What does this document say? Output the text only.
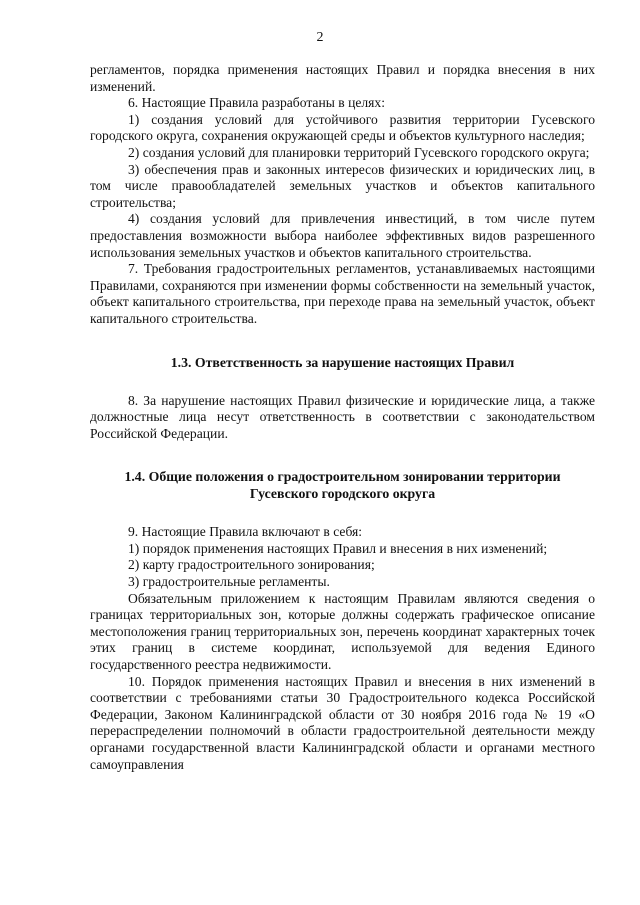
2

регламентов, порядка применения настоящих Правил и порядка внесения в них изменений.

6. Настоящие Правила разработаны в целях:

1) создания условий для устойчивого развития территории Гусевского городского округа, сохранения окружающей среды и объектов культурного наследия;

2) создания условий для планировки территорий Гусевского городского округа;

3) обеспечения прав и законных интересов физических и юридических лиц, в том числе правообладателей земельных участков и объектов капитального строительства;

4) создания условий для привлечения инвестиций, в том числе путем предоставления возможности выбора наиболее эффективных видов разрешенного использования земельных участков и объектов капитального строительства.

7. Требования градостроительных регламентов, устанавливаемых настоящими Правилами, сохраняются при изменении формы собственности на земельный участок, объект капитального строительства, при переходе права на земельный участок, объект капитального строительства.

1.3. Ответственность за нарушение настоящих Правил

8. За нарушение настоящих Правил физические и юридические лица, а также должностные лица несут ответственность в соответствии с законодательством Российской Федерации.

1.4. Общие положения о градостроительном зонировании территории

Гусевского городского округа

9. Настоящие Правила включают в себя:

1) порядок применения настоящих Правил и внесения в них изменений;

2) карту градостроительного зонирования;

3) градостроительные регламенты.

Обязательным приложением к настоящим Правилам являются сведения о границах территориальных зон, которые должны содержать графическое описание местоположения границ территориальных зон, перечень координат характерных точек этих границ в системе координат, используемой для ведения Единого государственного реестра недвижимости.

10. Порядок применения настоящих Правил и внесения в них изменений в соответствии с требованиями статьи 30 Градостроительного кодекса Российской Федерации, Законом Калининградской области от 30 ноября 2016 года № 19 «О перераспределении полномочий в области градостроительной деятельности между органами государственной власти Калининградской области и органами местного самоуправления
